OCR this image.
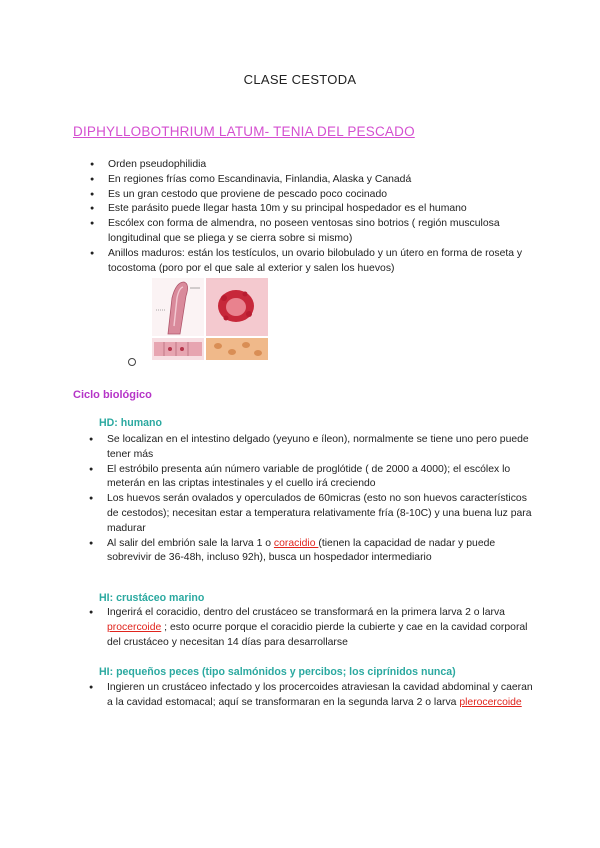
CLASE CESTODA
DIPHYLLOBOTHRIUM LATUM- TENIA DEL PESCADO
● Orden pseudophilidia
● En regiones frías como Escandinavia, Finlandia, Alaska y Canadá
● Es un gran cestodo que proviene de pescado poco cocinado
● Este parásito puede llegar hasta 10m y su principal hospedador es el humano
● Escólex con forma de almendra, no poseen ventosas sino botrios ( región musculosa longitudinal que se pliega y se cierra sobre si mismo)
● Anillos maduros: están los testículos, un ovario bilobulado y un útero en forma de roseta y tocostoma (poro por el que sale al exterior y salen los huevos)
Ciclo biológico
HD: humano
● Se localizan en el intestino delgado (yeyuno e íleon), normalmente se tiene uno pero puede tener más
● El estróbilo presenta aún número variable de proglótide ( de 2000 a 4000); el escólex lo meterán en las criptas intestinales y el cuello irá creciendo
● Los huevos serán ovalados y operculados de 60micras (esto no son huevos característicos de cestodos); necesitan estar a temperatura relativamente fría (8-10C) y una buena luz para madurar
● Al salir del embrión sale la larva 1 o coracidio (tienen la capacidad de nadar y puede sobrevivir de 36-48h, incluso 92h), busca un hospedador intermediario
HI: crustáceo marino
● Ingerirá el coracidio, dentro del crustáceo se transformará en la primera larva 2 o larva procercoide ; esto ocurre porque el coracidio pierde la cubierte y cae en la cavidad corporal del crustáceo y necesitan 14 días para desarrollarse
HI: pequeños peces (tipo salmónidos y percibos; los ciprínidos nunca)
● Ingieren un crustáceo infectado y los procercoides atraviesan la cavidad abdominal y caeran a la cavidad estomacal; aquí se transformaran en la segunda larva 2 o larva plerocercoide
